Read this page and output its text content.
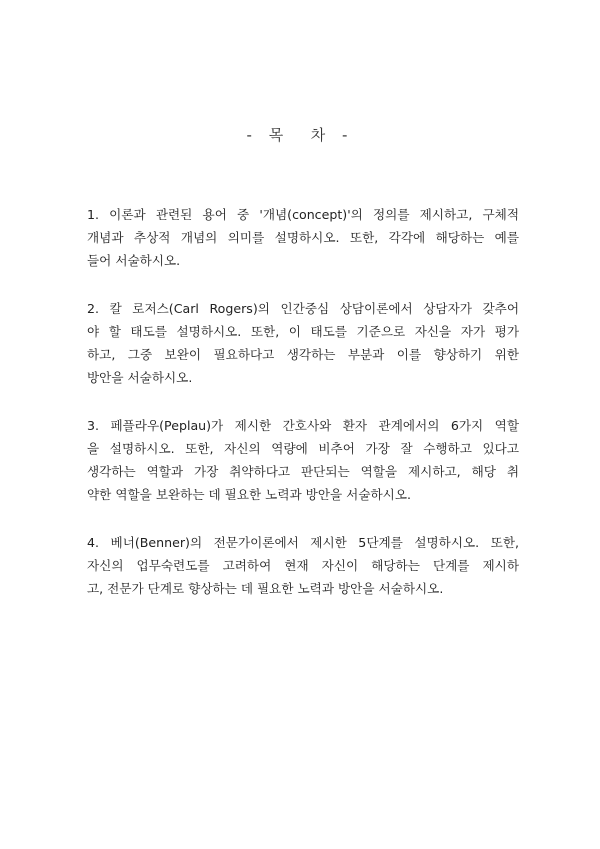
- 목  차 -
1. 이론과 관련된 용어 중 '개념(concept)'의 정의를 제시하고, 구체적
개념과 추상적 개념의 의미를 설명하시오. 또한, 각각에 해당하는 예를
들어 서술하시오.
2. 칼 로저스(Carl Rogers)의 인간중심 상담이론에서 상담자가 갖추어
야 할 태도를 설명하시오. 또한, 이 태도를 기준으로 자신을 자가 평가
하고, 그중 보완이 필요하다고 생각하는 부분과 이를 향상하기 위한
방안을 서술하시오.
3. 페플라우(Peplau)가 제시한 간호사와 환자 관계에서의 6가지 역할
을 설명하시오. 또한, 자신의 역량에 비추어 가장 잘 수행하고 있다고
생각하는 역할과 가장 취약하다고 판단되는 역할을 제시하고, 해당 취
약한 역할을 보완하는 데 필요한 노력과 방안을 서술하시오.
4. 베너(Benner)의 전문가이론에서 제시한 5단계를 설명하시오. 또한,
자신의 업무숙련도를 고려하여 현재 자신이 해당하는 단계를 제시하
고, 전문가 단계로 향상하는 데 필요한 노력과 방안을 서술하시오.
